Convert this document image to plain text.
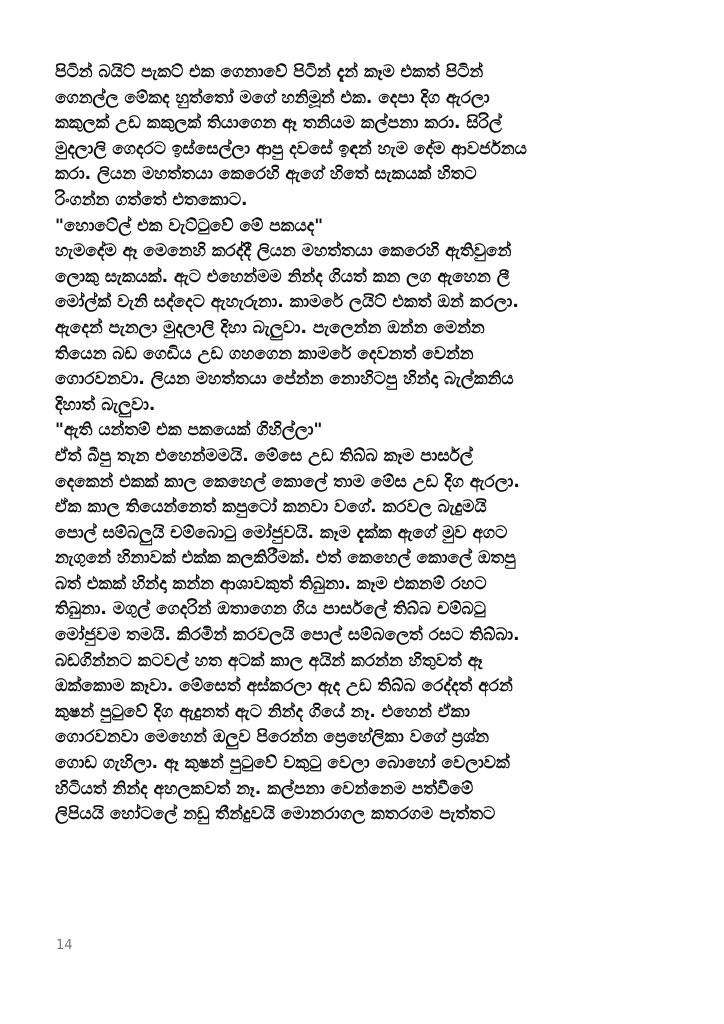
පිටින් බයිට් පැකට් එක ගෙනාවේ පිටින් දැන් කෑම එකත් පිටින්
ගෙනල්ල මේකද හුත්තෝ මගේ හනිමූන් එක. දෙපා දිග ඇරලා
කකුලක් උඩ කකුලක් තියාගෙන ඈ තනියම කල්පනා කරා. සිරිල්
මුදලාලි ගෙදරට ඉස්සෙල්ලා ආපු දවසේ ඉඳන් හැම දේම ආවර්ජනය
කරා. ලියන මහත්තයා කෙරෙහි ඇගේ හිතේ සැකයක් හිතට
රිංගන්න ගත්තේ එතකොට.
"හොටේල් එක වැට්ටුවේ මේ පකයද"
හැමදේම ඈ මෙනෙහි කරද්දී ලියන මහත්තයා කෙරෙහි ඇතිවුනේ
ලොකු සැකයක්. ඇට එහෙන්මම නින්ද ගියත් කන ලග ඇහෙන ලී
මෝල්ක් වැනි සද්දෙට ඇහැරුනා. කාමරේ ලයිට් එකත් ඔන් කරලා.
ඇදෙන් පැනලා මුදලාලි දිහා බැලුවා. පැලෙන්න ඔන්න මෙන්න
තියෙන බඩ ගෙඩිය උඩ ගහගෙන කාමරේ දෙවනත් වෙන්න
ගොරවනවා. ලියන මහත්තයා පේන්න නොහිටපු හින්දා බැල්කනිය
දිහාත් බැලුවා.
"ඇති යන්තම් එක පකයෙක් ගිහිල්ලා"
ඒත් බීපු තැන එහෙන්මමයි. මේසෙ උඩ තිබ්බ කෑම පාර්සල්
දෙකෙන් එකක් කාල කෙහෙල් කොලේ තාම මේස උඩ දිග ඇරලා.
ඒක කාල තියෙන්නෙත් කපුටෝ කනවා වගේ. කරවල බැදුමයි
පොල් සම්බලුයි චම්බොටු මෝජුවයි. කෑම දැක්ක ඇගේ මුව අගට
නැගුනේ හිනාවක් එක්ක කලකිරීමක්. එත් කෙහෙල් කොලේ ඔතපු
බත් එකක් හින්දා කන්න ආශාවකුත් තිබුනා. කෑම එකනම් රහට
තිබුනා. මගුල් ගෙදරින් ඔතාගෙන ගිය පාර්සලේ තිබ්බ චම්බටු
මෝජුවම තමයි. කිරමින් කරවලයි පොල් සම්බලෙත් රසට තිබ්බා.
බඩගින්නට කටවල් හත අටක් කාල අයින් කරන්න හිතුවත් ඈ
ඔක්කොම කෑවා. මේසෙත් අස්කරලා ඇද උඩ තිබ්බ රෙද්දත් අරන්
කුෂන් පුටුවේ දිග ඇදුනත් ඇට නින්ද ගියේ නෑ. එහෙන් ඒකා
ගොරවනවා මෙහෙන් ඔලුව පිරෙන්න ප්‍රෙහේලිකා වගේ ප්‍රශ්න
ගොඩ ගැහිලා. ඈ කුෂන් පුටුවේ වකුටු වෙලා බොහෝ වෙලාවක්
හිටියත් නින්ද අහලකවත් නෑ. කල්පනා වෙන්නෙම පත්වීමේ
ලිපියයි හෝටලේ නඩු තීන්දුවයි මොනරාගල කතරගම පැත්තට
14
